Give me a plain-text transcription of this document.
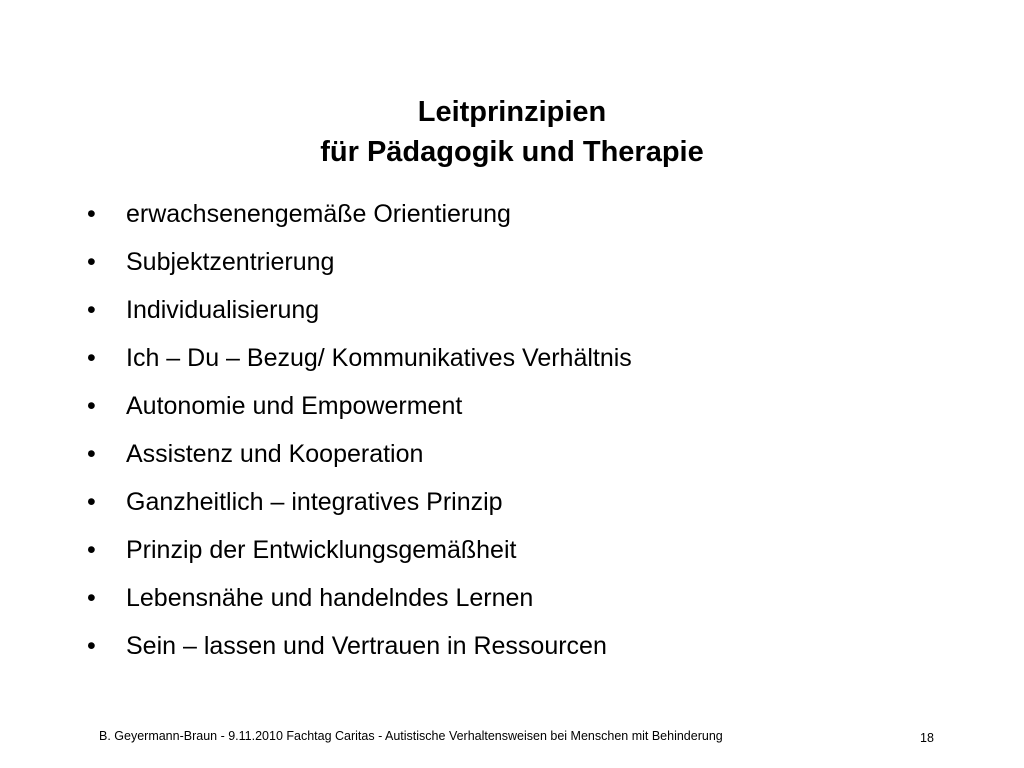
Leitprinzipien
für Pädagogik und Therapie
• erwachsenengemäße Orientierung
• Subjektzentrierung
• Individualisierung
• Ich – Du – Bezug/ Kommunikatives Verhältnis
• Autonomie und Empowerment
• Assistenz und Kooperation
• Ganzheitlich – integratives Prinzip
• Prinzip der Entwicklungsgemäßheit
• Lebensnähe und handelndes Lernen
• Sein – lassen und Vertrauen in Ressourcen
B. Geyermann-Braun - 9.11.2010 Fachtag Caritas - Autistische Verhaltensweisen bei Menschen mit Behinderung	18
